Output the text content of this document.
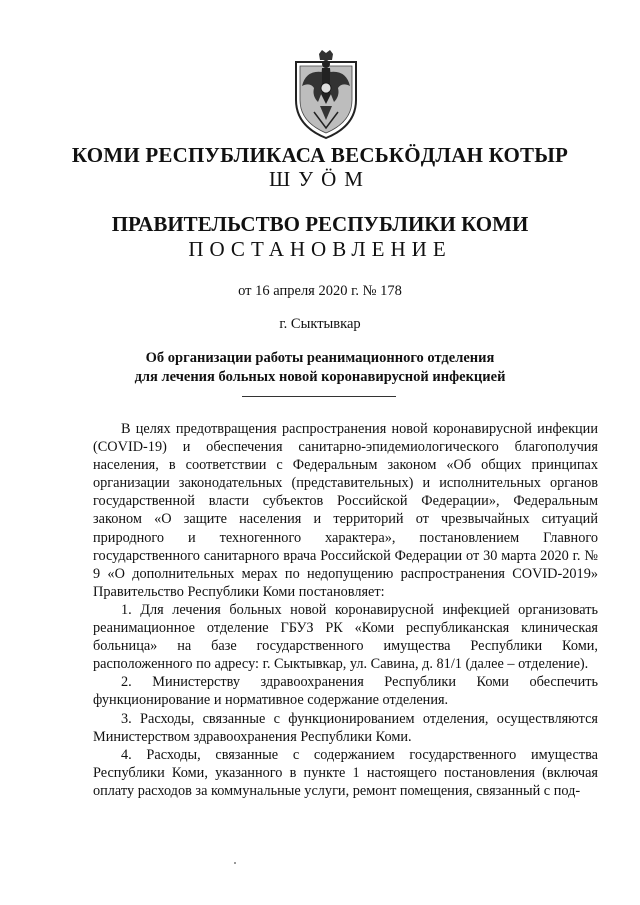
КОМИ РЕСПУБЛИКАСА ВЕСЬКӦДЛАН КОТЫР
ШУӦМ
ПРАВИТЕЛЬСТВО РЕСПУБЛИКИ КОМИ
ПОСТАНОВЛЕНИЕ
от 16 апреля 2020 г. № 178
г. Сыктывкар
Об организации работы реанимационного отделения
для лечения больных новой коронавирусной инфекцией

В целях предотвращения распространения новой коронавирусной инфекции (COVID-19) и обеспечения санитарно-эпидемиологического благополучия населения, в соответствии с Федеральным законом «Об общих принципах организации законодательных (представительных) и исполнительных органов государственной власти субъектов Российской Федерации», Федеральным законом «О защите населения и территорий от чрезвычайных ситуаций природного и техногенного характера», постановлением Главного государственного санитарного врача Российской Федерации от 30 марта 2020 г. № 9 «О дополнительных мерах по недопущению распространения COVID-2019» Правительство Республики Коми постановляет:

1. Для лечения больных новой коронавирусной инфекцией организовать реанимационное отделение ГБУЗ РК «Коми республиканская клиническая больница» на базе государственного имущества Республики Коми, расположенного по адресу: г. Сыктывкар, ул. Савина, д. 81/1 (далее – отделение).

2. Министерству здравоохранения Республики Коми обеспечить функционирование и нормативное содержание отделения.

3. Расходы, связанные с функционированием отделения, осуществляются Министерством здравоохранения Республики Коми.

4. Расходы, связанные с содержанием государственного имущества Республики Коми, указанного в пункте 1 настоящего постановления (включая оплату расходов за коммунальные услуги, ремонт помещения, связанный с под-
